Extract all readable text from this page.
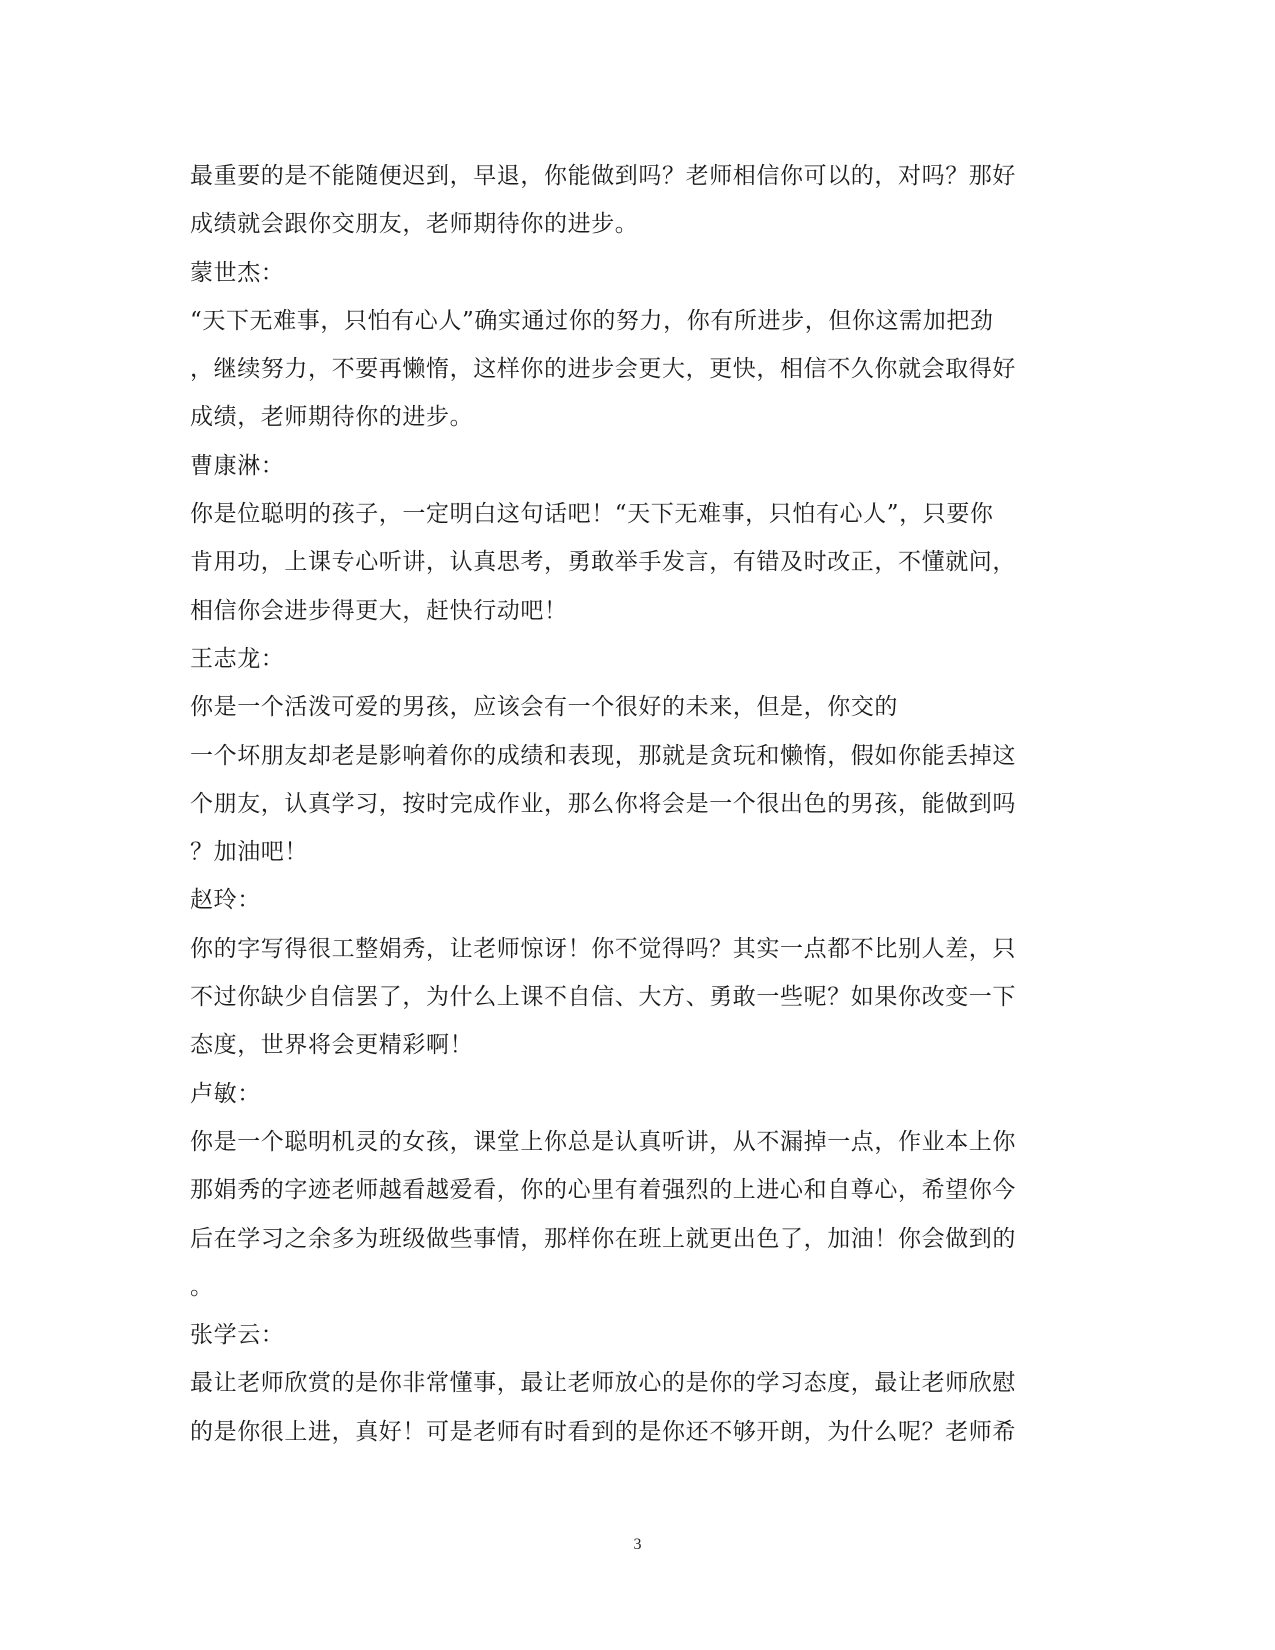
最重要的是不能随便迟到，早退，你能做到吗？老师相信你可以的，对吗？那好
成绩就会跟你交朋友，老师期待你的进步。
蒙世杰：
“天下无难事，只怕有心人”确实通过你的努力，你有所进步，但你这需加把劲
，继续努力，不要再懒惰，这样你的进步会更大，更快，相信不久你就会取得好
成绩，老师期待你的进步。
曹康淋：
你是位聪明的孩子，一定明白这句话吧！“天下无难事，只怕有心人”，只要你
肯用功，上课专心听讲，认真思考，勇敢举手发言，有错及时改正，不懂就问，
相信你会进步得更大，赶快行动吧！
王志龙：
你是一个活泼可爱的男孩，应该会有一个很好的未来，但是，你交的
一个坏朋友却老是影响着你的成绩和表现，那就是贪玩和懒惰，假如你能丢掉这
个朋友，认真学习，按时完成作业，那么你将会是一个很出色的男孩，能做到吗
？加油吧！
赵玲：
你的字写得很工整娟秀，让老师惊讶！你不觉得吗？其实一点都不比别人差，只
不过你缺少自信罢了，为什么上课不自信、大方、勇敢一些呢？如果你改变一下
态度，世界将会更精彩啊！
卢敏：
你是一个聪明机灵的女孩，课堂上你总是认真听讲，从不漏掉一点，作业本上你
那娟秀的字迹老师越看越爱看，你的心里有着强烈的上进心和自尊心，希望你今
后在学习之余多为班级做些事情，那样你在班上就更出色了，加油！你会做到的
。
张学云：
最让老师欣赏的是你非常懂事，最让老师放心的是你的学习态度，最让老师欣慰
的是你很上进，真好！可是老师有时看到的是你还不够开朗，为什么呢？老师希
3
